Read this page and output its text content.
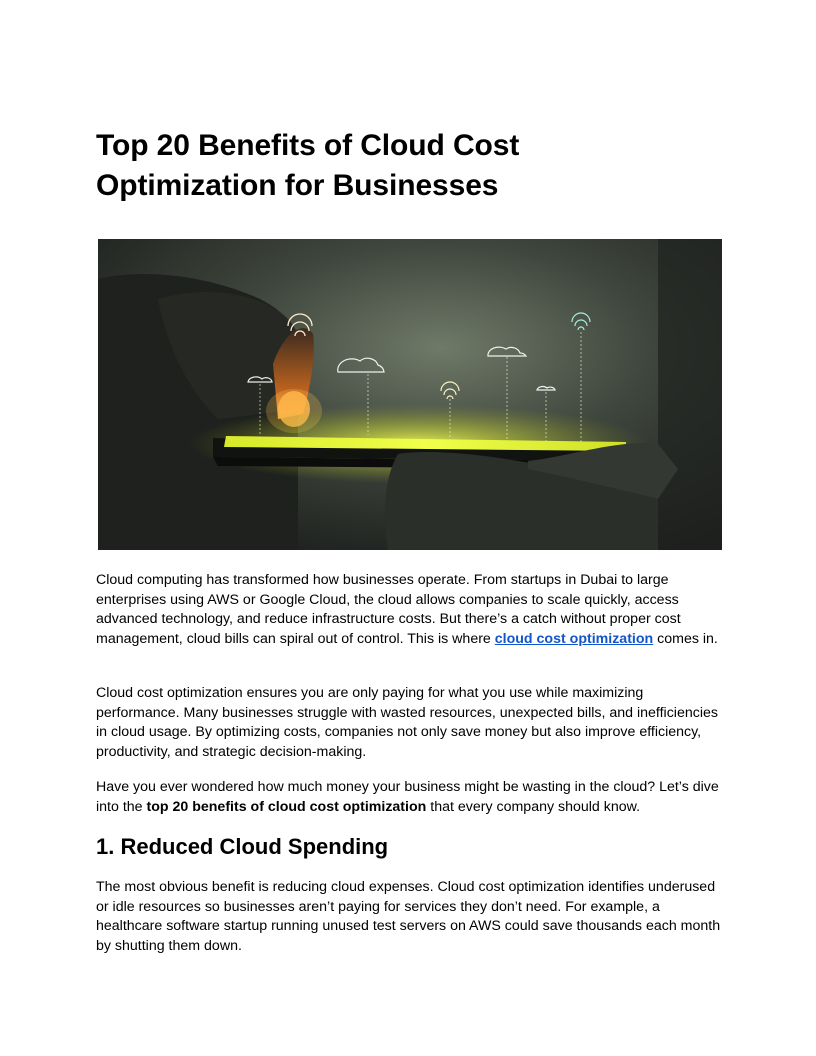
Top 20 Benefits of Cloud Cost
Optimization for Businesses

Cloud computing has transformed how businesses operate. From startups in Dubai to large enterprises using AWS or Google Cloud, the cloud allows companies to scale quickly, access advanced technology, and reduce infrastructure costs. But there’s a catch without proper cost management, cloud bills can spiral out of control. This is where cloud cost optimization comes in.

Cloud cost optimization ensures you are only paying for what you use while maximizing performance. Many businesses struggle with wasted resources, unexpected bills, and inefficiencies in cloud usage. By optimizing costs, companies not only save money but also improve efficiency, productivity, and strategic decision-making.

Have you ever wondered how much money your business might be wasting in the cloud? Let’s dive into the top 20 benefits of cloud cost optimization that every company should know.

1. Reduced Cloud Spending

The most obvious benefit is reducing cloud expenses. Cloud cost optimization identifies underused or idle resources so businesses aren’t paying for services they don’t need. For example, a healthcare software startup running unused test servers on AWS could save thousands each month by shutting them down.
